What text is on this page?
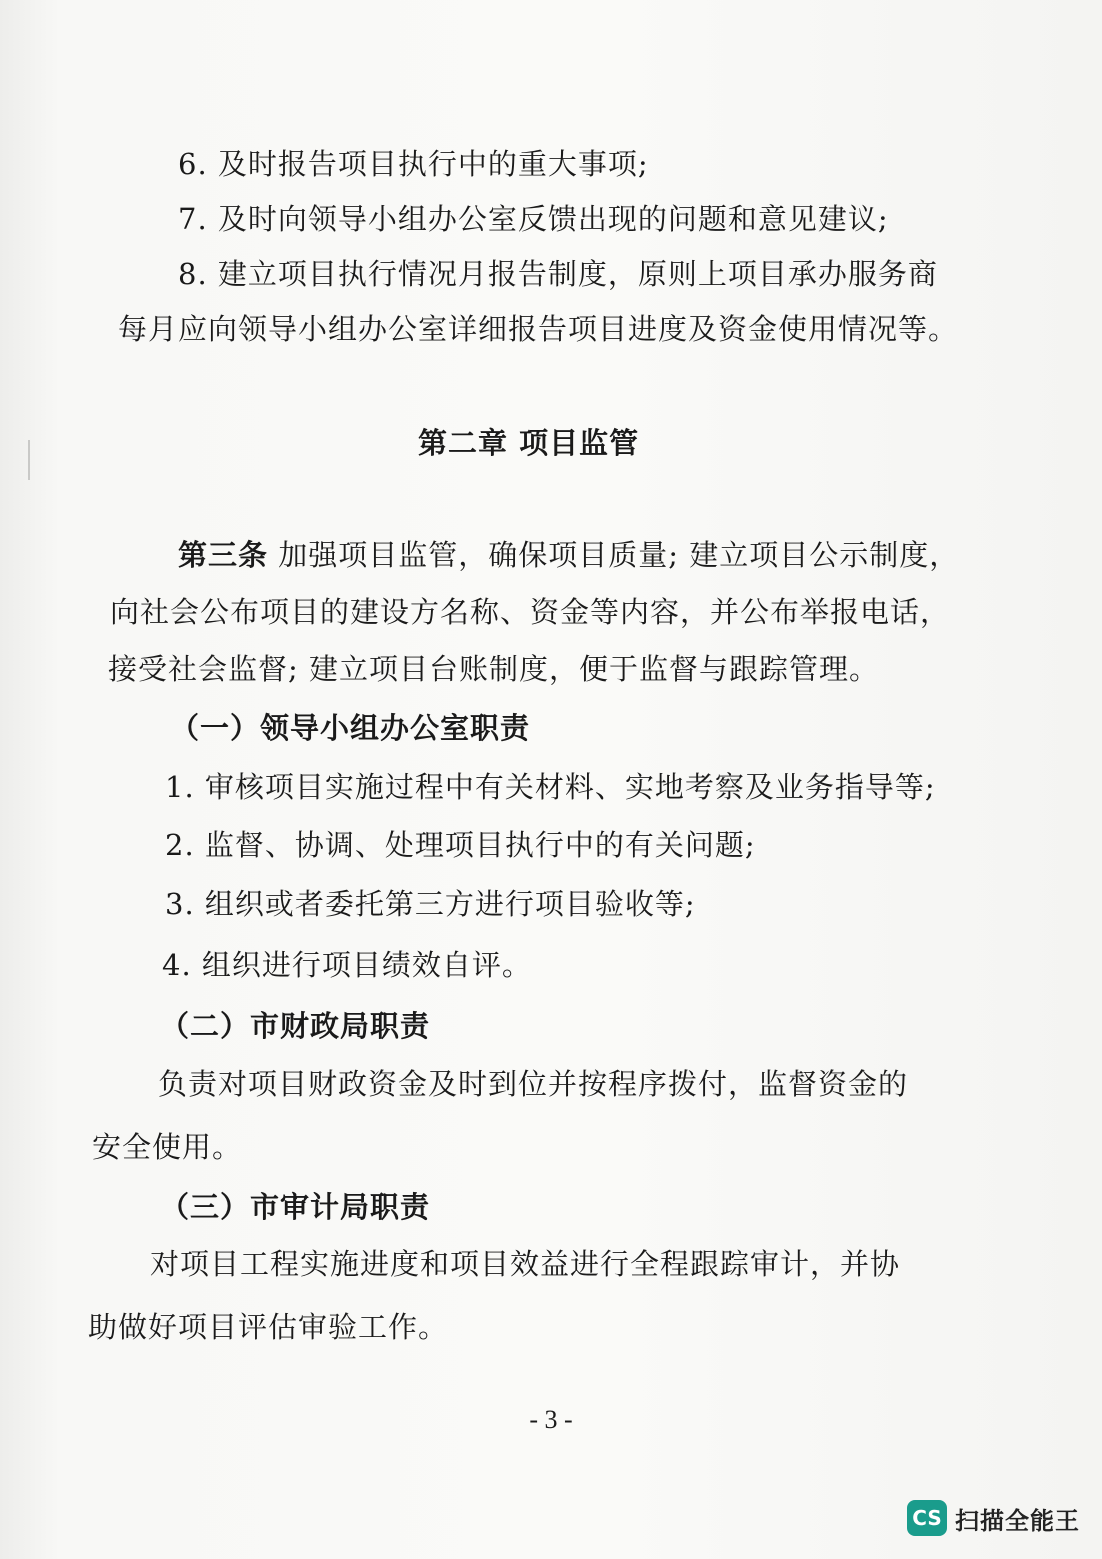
6. 及时报告项目执行中的重大事项;
7. 及时向领导小组办公室反馈出现的问题和意见建议;
8. 建立项目执行情况月报告制度，原则上项目承办服务商
每月应向领导小组办公室详细报告项目进度及资金使用情况等。
第二章 项目监管
第三条 加强项目监管，确保项目质量; 建立项目公示制度，
向社会公布项目的建设方名称、资金等内容，并公布举报电话，
接受社会监督; 建立项目台账制度，便于监督与跟踪管理。
（一）领导小组办公室职责
1. 审核项目实施过程中有关材料、实地考察及业务指导等;
2. 监督、协调、处理项目执行中的有关问题;
3. 组织或者委托第三方进行项目验收等;
4. 组织进行项目绩效自评。
（二）市财政局职责
负责对项目财政资金及时到位并按程序拨付，监督资金的
安全使用。
（三）市审计局职责
对项目工程实施进度和项目效益进行全程跟踪审计，并协
助做好项目评估审验工作。
- 3 -
CS 扫描全能王
